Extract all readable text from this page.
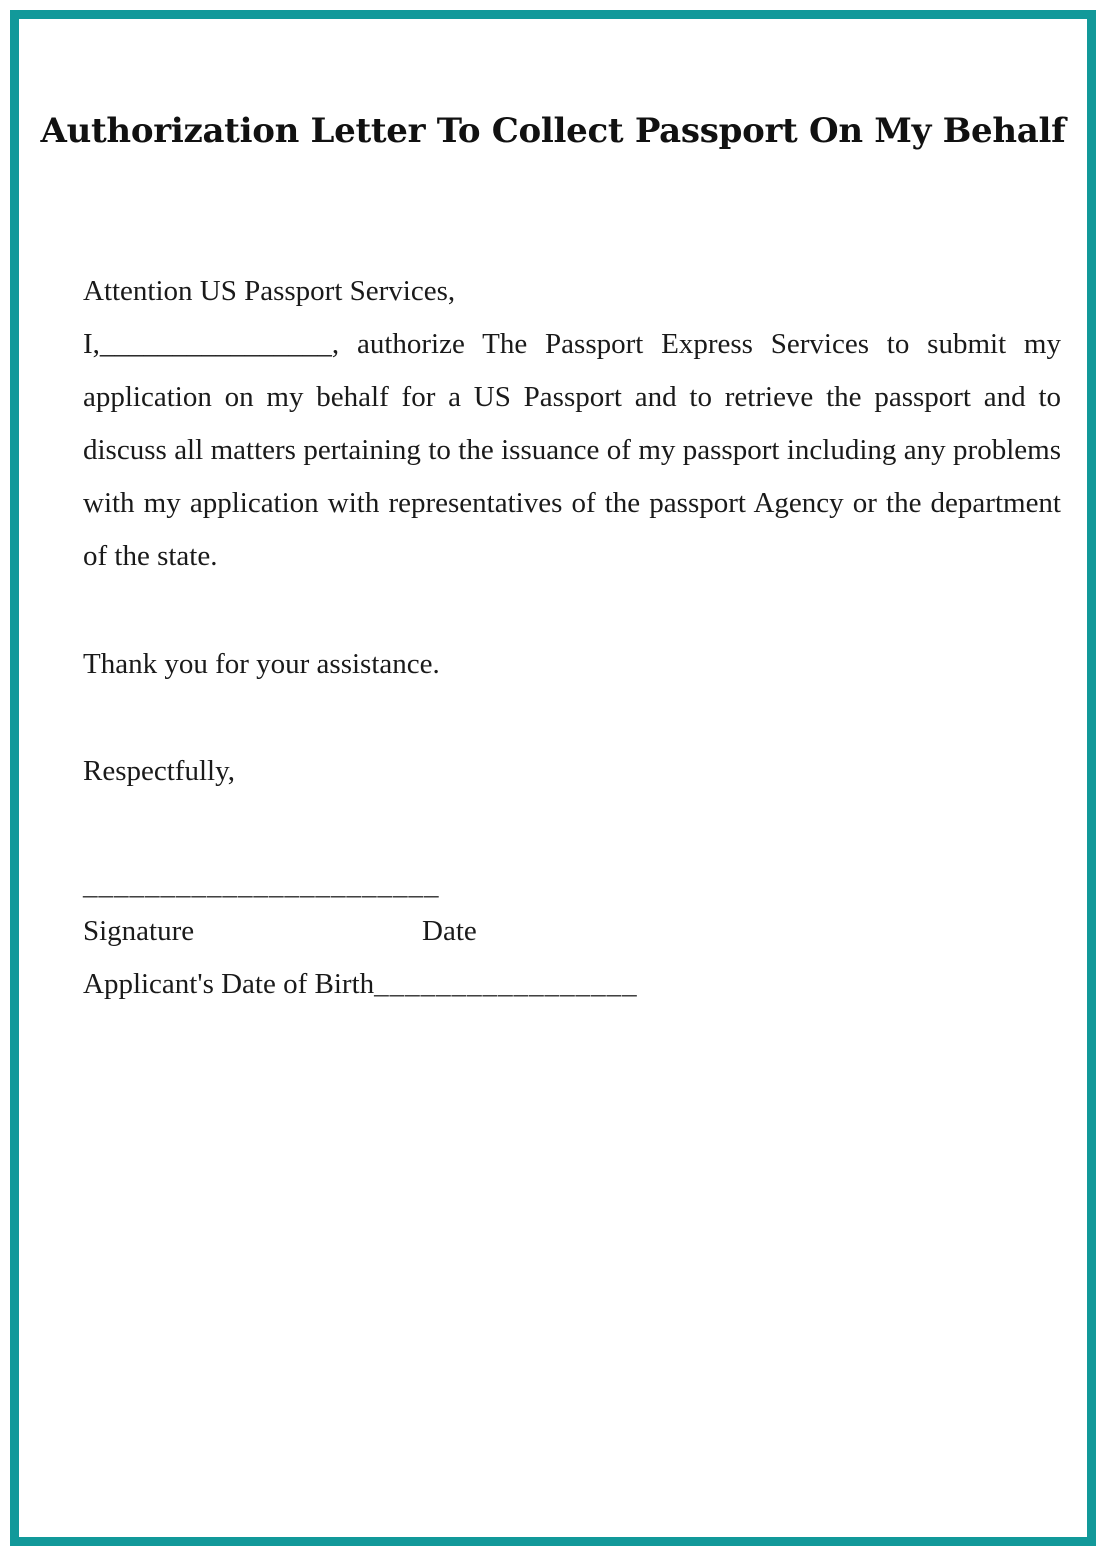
Authorization Letter To Collect Passport On My Behalf

Attention US Passport Services,

I,________________, authorize The Passport Express Services to submit my application on my behalf for a US Passport and to retrieve the passport and to discuss all matters pertaining to the issuance of my passport including any problems with my application with representatives of the passport Agency or the department of the state.

Thank you for your assistance.

Respectfully,

_______________________

Signature	Date

Applicant's Date of Birth_________________
